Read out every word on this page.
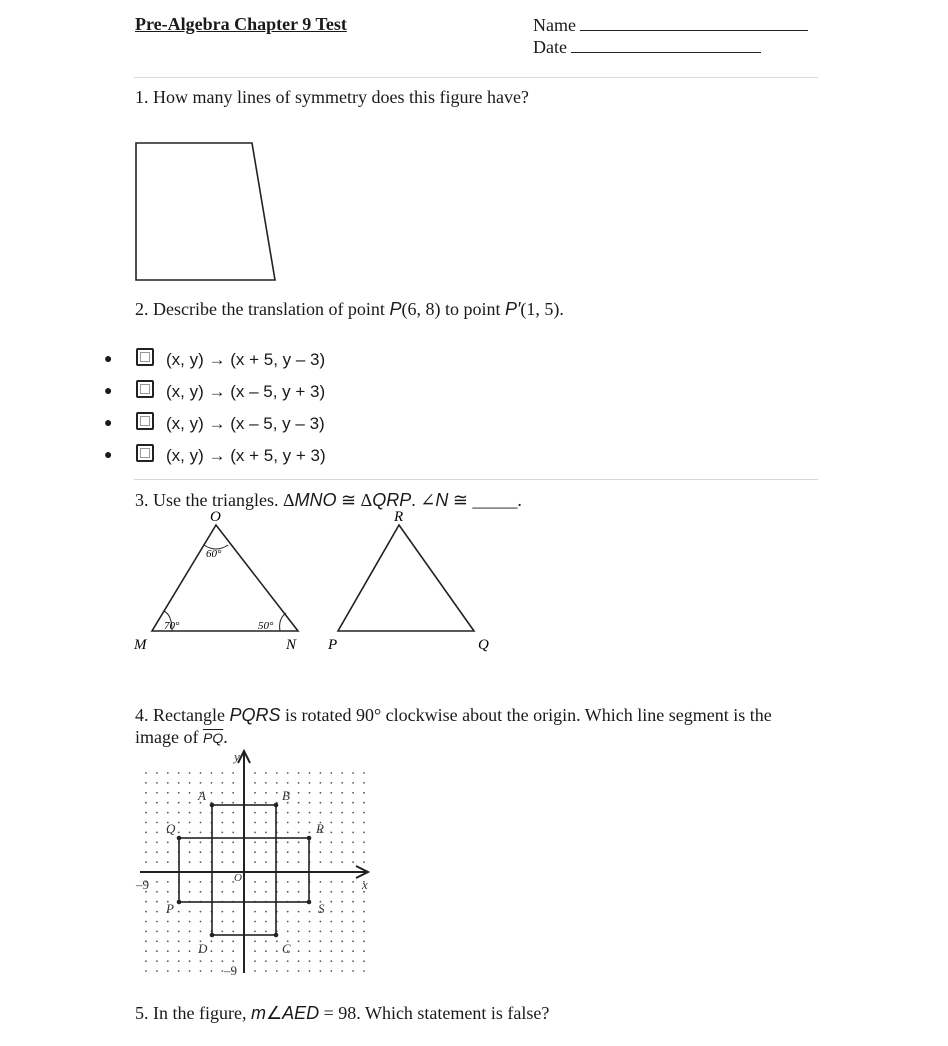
Pre-Algebra Chapter 9 Test	Name
Date
1. How many lines of symmetry does this figure have?
2. Describe the translation of point P(6, 8) to point P′(1, 5).
●	(x, y) → (x + 5, y – 3)
●	(x, y) → (x – 5, y + 3)
●	(x, y) → (x – 5, y – 3)
●	(x, y) → (x + 5, y + 3)
3. Use the triangles. ΔMNO ≅ ΔQRP. ∠N ≅ _____.
60°
70°	50°
O
M	N
R
P	Q
4. Rectangle PQRS is rotated 90° clockwise about the origin. Which line segment is the
image of $\overline{PQ}$.
y
x
O
–9
–9
A	B
C
D
Q	R
S
P
5. In the figure, m∠AED = 98. Which statement is false?
